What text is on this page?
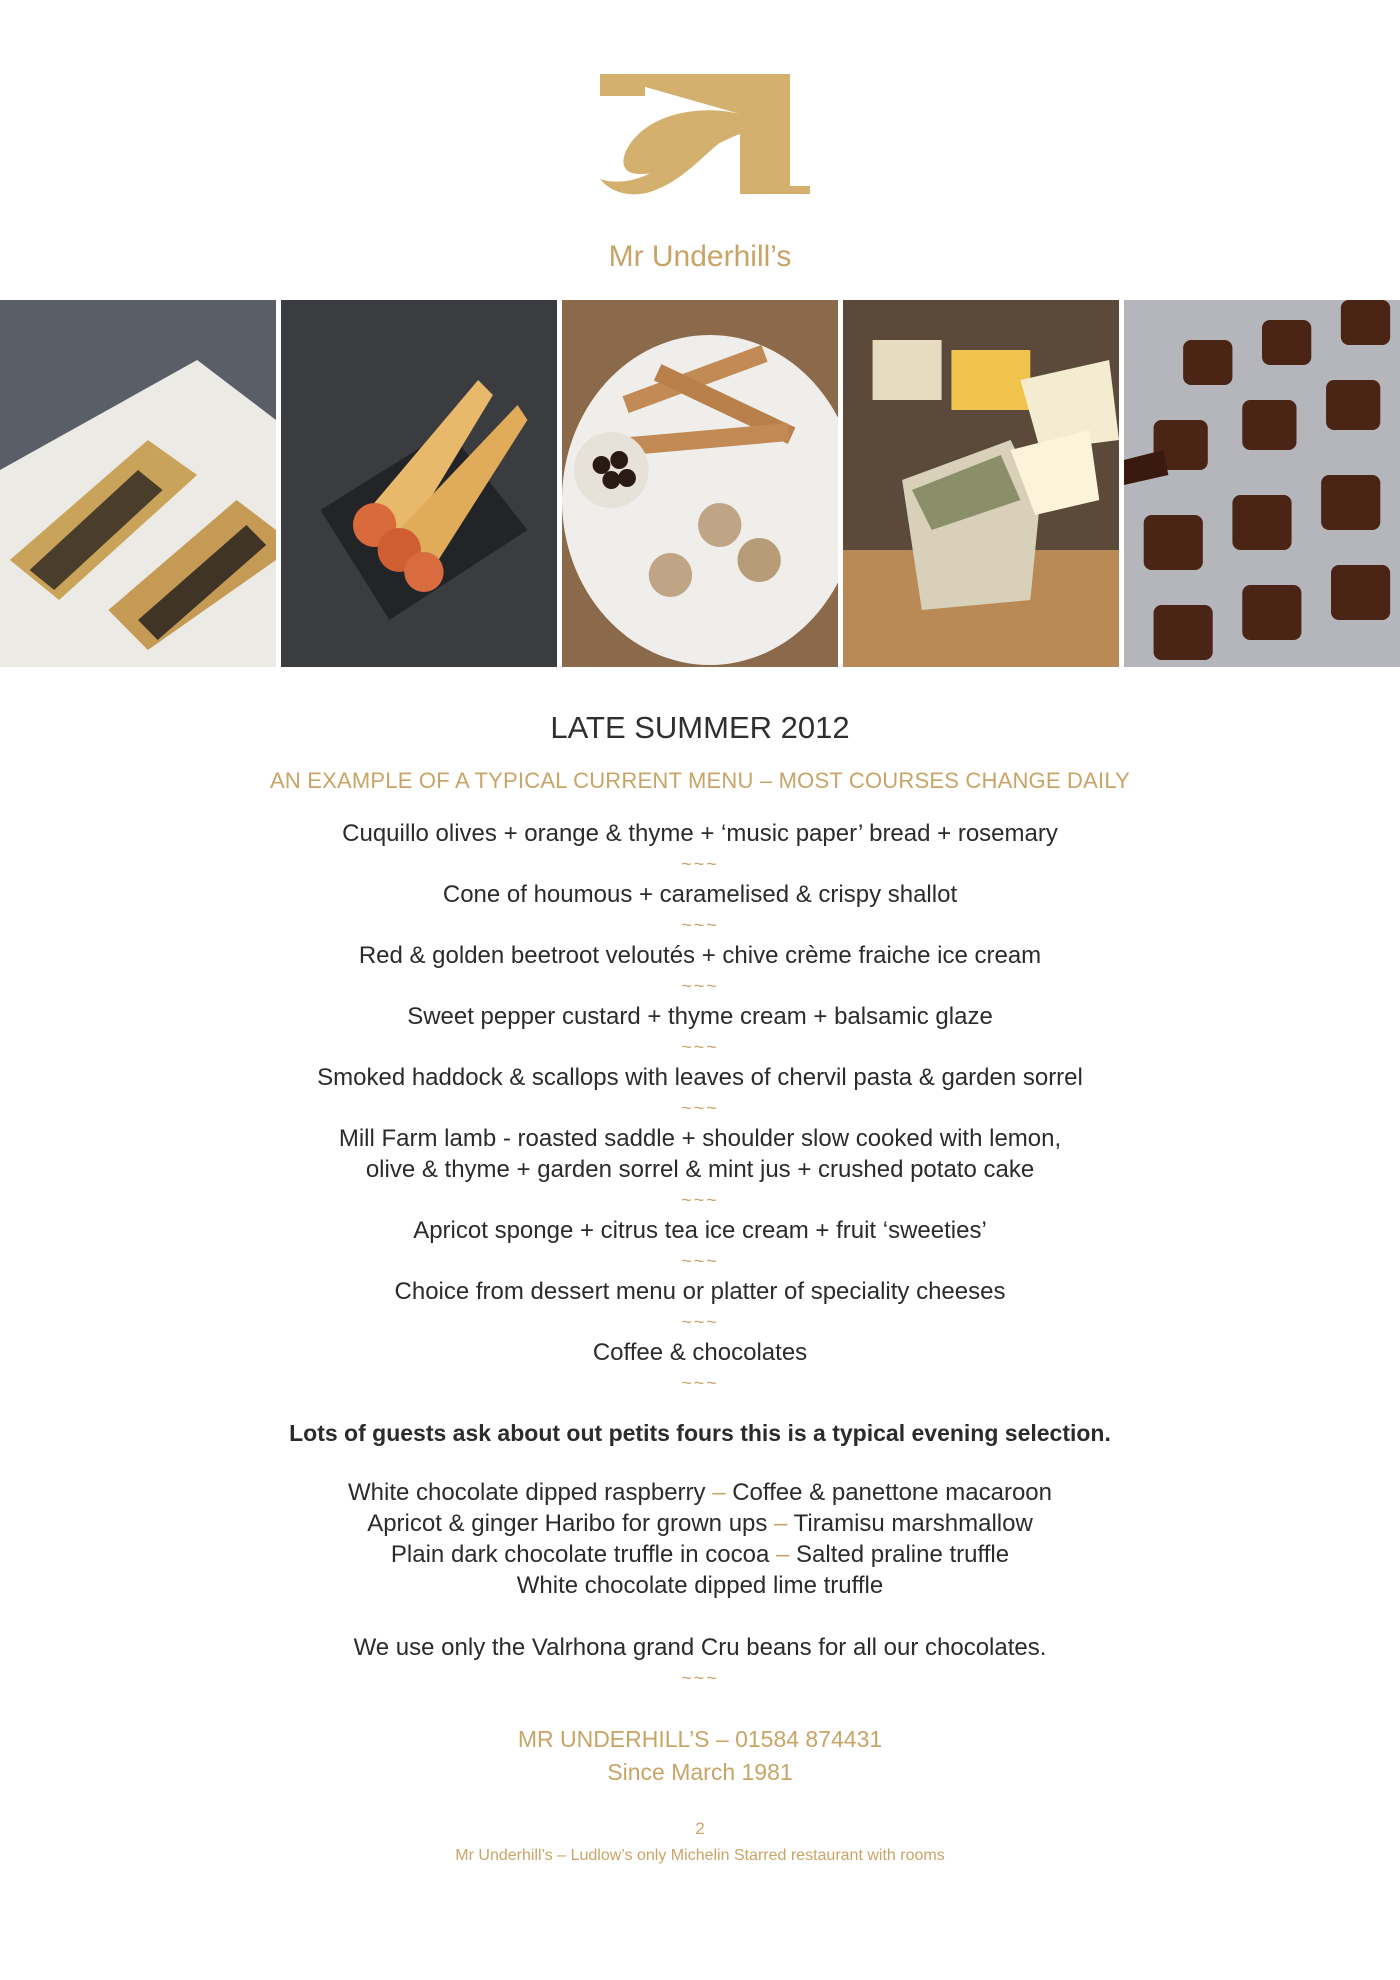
Mr Underhill’s
LATE SUMMER 2012
AN EXAMPLE OF A TYPICAL CURRENT MENU – MOST COURSES CHANGE DAILY
Cuquillo olives + orange & thyme + ‘music paper’ bread + rosemary
~~~
Cone of houmous + caramelised & crispy shallot
~~~
Red & golden beetroot veloutés + chive crème fraiche ice cream
~~~
Sweet pepper custard + thyme cream + balsamic glaze
~~~
Smoked haddock & scallops with leaves of chervil pasta & garden sorrel
~~~
Mill Farm lamb - roasted saddle + shoulder slow cooked with lemon,
olive & thyme + garden sorrel & mint jus + crushed potato cake
~~~
Apricot sponge + citrus tea ice cream + fruit ‘sweeties’
~~~
Choice from dessert menu or platter of speciality cheeses
~~~
Coffee & chocolates
~~~
Lots of guests ask about out petits fours this is a typical evening selection.
White chocolate dipped raspberry – Coffee & panettone macaroon
Apricot & ginger Haribo for grown ups – Tiramisu marshmallow
Plain dark chocolate truffle in cocoa – Salted praline truffle
White chocolate dipped lime truffle
We use only the Valrhona grand Cru beans for all our chocolates.
~~~
MR UNDERHILL’S – 01584 874431
Since March 1981
2
Mr Underhill’s – Ludlow’s only Michelin Starred restaurant with rooms
